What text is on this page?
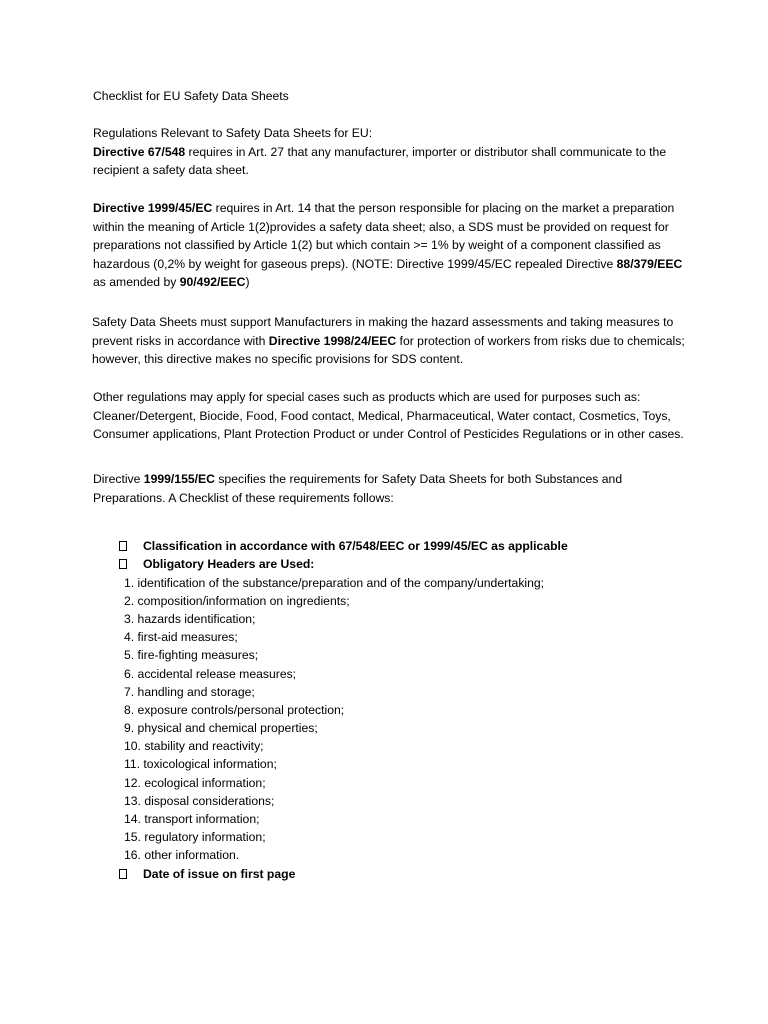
Checklist for EU Safety Data Sheets

Regulations Relevant to Safety Data Sheets for EU:
Directive 67/548 requires in Art. 27 that any manufacturer, importer or distributor shall communicate to the recipient a safety data sheet.

Directive 1999/45/EC requires in Art. 14 that the person responsible for placing on the market a preparation within the meaning of Article 1(2)provides a safety data sheet; also, a SDS must be provided on request for preparations not classified by Article 1(2) but which contain >= 1% by weight of a component classified as hazardous (0,2% by weight for gaseous preps). (NOTE: Directive 1999/45/EC repealed Directive 88/379/EEC as amended by 90/492/EEC)

Safety Data Sheets must support Manufacturers in making the hazard assessments and taking measures to prevent risks in accordance with Directive 1998/24/EEC for protection of workers from risks due to chemicals; however, this directive makes no specific provisions for SDS content.

Other regulations may apply for special cases such as products which are used for purposes such as: Cleaner/Detergent, Biocide, Food, Food contact, Medical, Pharmaceutical, Water contact, Cosmetics, Toys, Consumer applications, Plant Protection Product or under Control of Pesticides Regulations or in other cases.

Directive 1999/155/EC specifies the requirements for Safety Data Sheets for both Substances and Preparations. A Checklist of these requirements follows:

Classification in accordance with 67/548/EEC or 1999/45/EC as applicable
Obligatory Headers are Used:
1. identification of the substance/preparation and of the company/undertaking;
2. composition/information on ingredients;
3. hazards identification;
4. first-aid measures;
5. fire-fighting measures;
6. accidental release measures;
7. handling and storage;
8. exposure controls/personal protection;
9. physical and chemical properties;
10. stability and reactivity;
11. toxicological information;
12. ecological information;
13. disposal considerations;
14. transport information;
15. regulatory information;
16. other information.
Date of issue on first page
